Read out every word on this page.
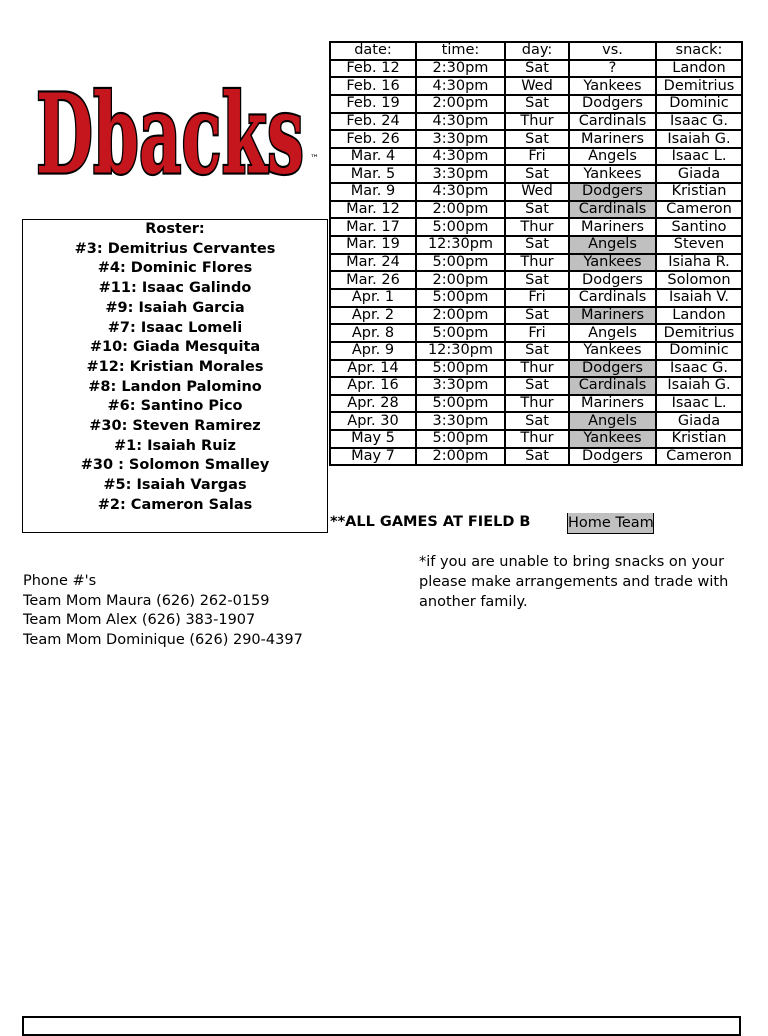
Dbacks ™
date:	time:	day:	vs.	snack:
Feb. 12	2:30pm	Sat	?	Landon
Feb. 16	4:30pm	Wed	Yankees	Demitrius
Feb. 19	2:00pm	Sat	Dodgers	Dominic
Feb. 24	4:30pm	Thur	Cardinals	Isaac G.
Feb. 26	3:30pm	Sat	Mariners	Isaiah G.
Mar. 4	4:30pm	Fri	Angels	Isaac L.
Mar. 5	3:30pm	Sat	Yankees	Giada
Mar. 9	4:30pm	Wed	Dodgers	Kristian
Mar. 12	2:00pm	Sat	Cardinals	Cameron
Mar. 17	5:00pm	Thur	Mariners	Santino
Mar. 19	12:30pm	Sat	Angels	Steven
Mar. 24	5:00pm	Thur	Yankees	Isiaha R.
Mar. 26	2:00pm	Sat	Dodgers	Solomon
Apr. 1	5:00pm	Fri	Cardinals	Isaiah V.
Apr. 2	2:00pm	Sat	Mariners	Landon
Apr. 8	5:00pm	Fri	Angels	Demitrius
Apr. 9	12:30pm	Sat	Yankees	Dominic
Apr. 14	5:00pm	Thur	Dodgers	Isaac G.
Apr. 16	3:30pm	Sat	Cardinals	Isaiah G.
Apr. 28	5:00pm	Thur	Mariners	Isaac L.
Apr. 30	3:30pm	Sat	Angels	Giada
May 5	5:00pm	Thur	Yankees	Kristian
May 7	2:00pm	Sat	Dodgers	Cameron
Roster:
#3: Demitrius Cervantes
#4: Dominic Flores
#11: Isaac Galindo
#9: Isaiah Garcia
#7: Isaac Lomeli
#10: Giada Mesquita
#12: Kristian Morales
#8: Landon Palomino
#6: Santino Pico
#30: Steven Ramirez
#1: Isaiah Ruiz
#30 : Solomon Smalley
#5: Isaiah Vargas
#2: Cameron Salas
**ALL GAMES AT FIELD B	Home Team
*if you are unable to bring snacks on your please make arrangements and trade with another family.
Phone #'s
Team Mom Maura (626) 262-0159
Team Mom Alex (626) 383-1907
Team Mom Dominique (626) 290-4397
